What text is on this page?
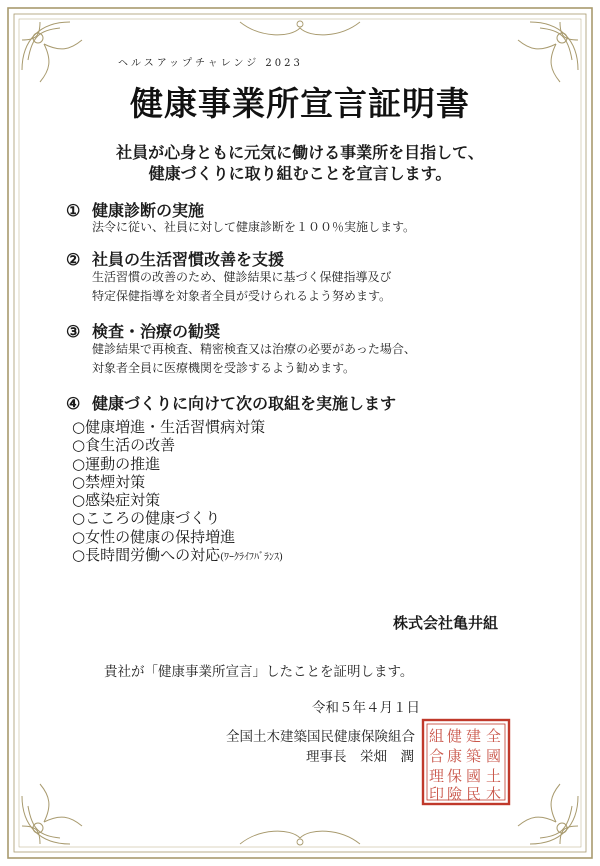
ヘルスアップチャレンジ 2023
健康事業所宣言証明書
社員が心身ともに元気に働ける事業所を目指して、
健康づくりに取り組むことを宣言します。
① 健康診断の実施
法令に従い、社員に対して健康診断を１００％実施します。
② 社員の生活習慣改善を支援
生活習慣の改善のため、健診結果に基づく保健指導及び
特定保健指導を対象者全員が受けられるよう努めます。
③ 検査・治療の勧奨
健診結果で再検査、精密検査又は治療の必要があった場合、
対象者全員に医療機関を受診するよう勧めます。
④ 健康づくりに向けて次の取組を実施します
○健康増進・生活習慣病対策
○食生活の改善
○運動の推進
○禁煙対策
○感染症対策
○こころの健康づくり
○女性の健康の保持増進
○長時間労働への対応(ﾜｰｸﾗｲﾌﾊﾞﾗﾝｽ)
株式会社亀井組
貴社が「健康事業所宣言」したことを証明します。
令和５年４月１日
全国土木建築国民健康保険組合
理事長　栄畑　潤
全
國
土
木
建
築
國
民
健
康
保
險
組
合
理
印
